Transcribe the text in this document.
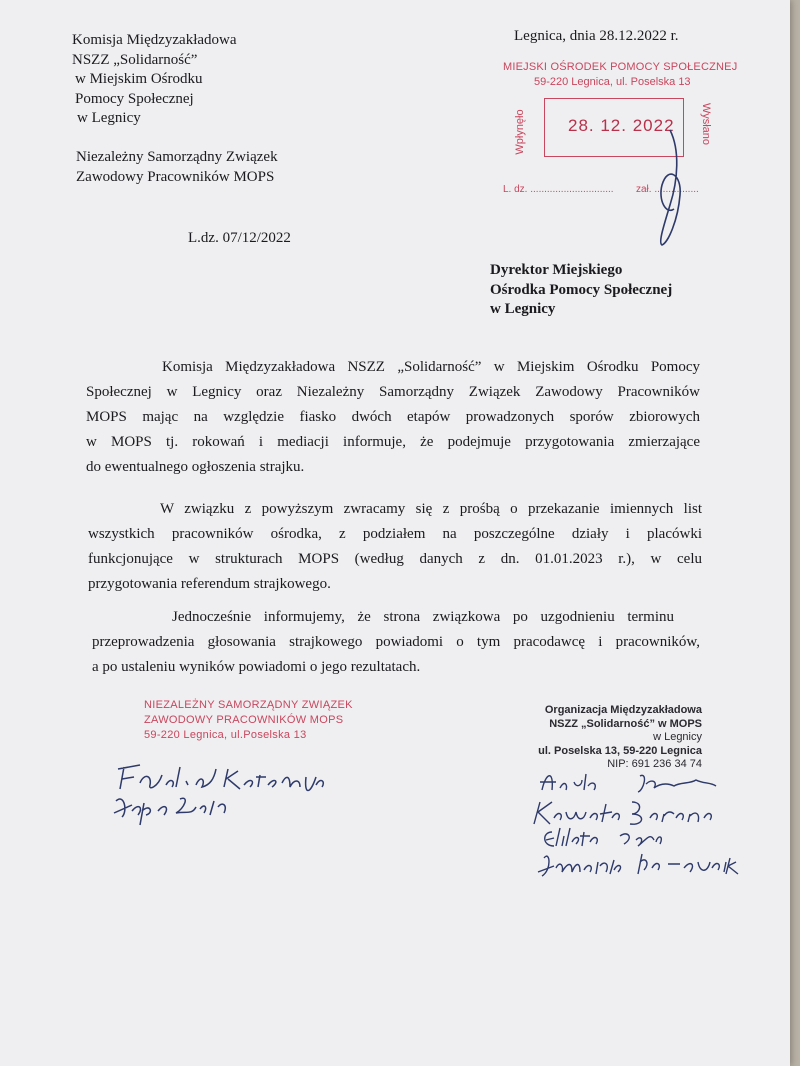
Komisja Międzyzakładowa
NSZZ „Solidarność”
w Miejskim Ośrodku
Pomocy Społecznej
w Legnicy
Niezależny Samorządny Związek
Zawodowy Pracowników MOPS
L.dz. 07/12/2022
Legnica, dnia 28.12.2022 r.
MIEJSKI OŚRODEK POMOCY SPOŁECZNEJ
59-220 Legnica, ul. Poselska 13
Wpłynęło	Wysłano
28. 12. 2022
L. dz. .............................. zał. ................
Dyrektor Miejskiego
Ośrodka Pomocy Społecznej
w Legnicy
Komisja Międzyzakładowa NSZZ „Solidarność” w Miejskim Ośrodku Pomocy
Społecznej w Legnicy oraz Niezależny Samorządny Związek Zawodowy Pracowników
MOPS mając na względzie fiasko dwóch etapów prowadzonych sporów zbiorowych
w MOPS tj. rokowań i mediacji informuje, że podejmuje przygotowania zmierzające
do ewentualnego ogłoszenia strajku.
W związku z powyższym zwracamy się z prośbą o przekazanie imiennych list
wszystkich pracowników ośrodka, z podziałem na poszczególne działy i placówki
funkcjonujące w strukturach MOPS (według danych z dn. 01.01.2023 r.), w celu
przygotowania referendum strajkowego.
Jednocześnie informujemy, że strona związkowa po uzgodnieniu terminu
przeprowadzenia głosowania strajkowego powiadomi o tym pracodawcę i pracowników,
a po ustaleniu wyników powiadomi o jego rezultatach.
NIEZALEŻNY SAMORZĄDNY ZWIĄZEK
ZAWODOWY PRACOWNIKÓW MOPS
59-220 Legnica, ul.Poselska 13
Organizacja Międzyzakładowa
NSZZ „Solidarność” w MOPS
w Legnicy
ul. Poselska 13, 59-220 Legnica
NIP: 691 236 34 74
